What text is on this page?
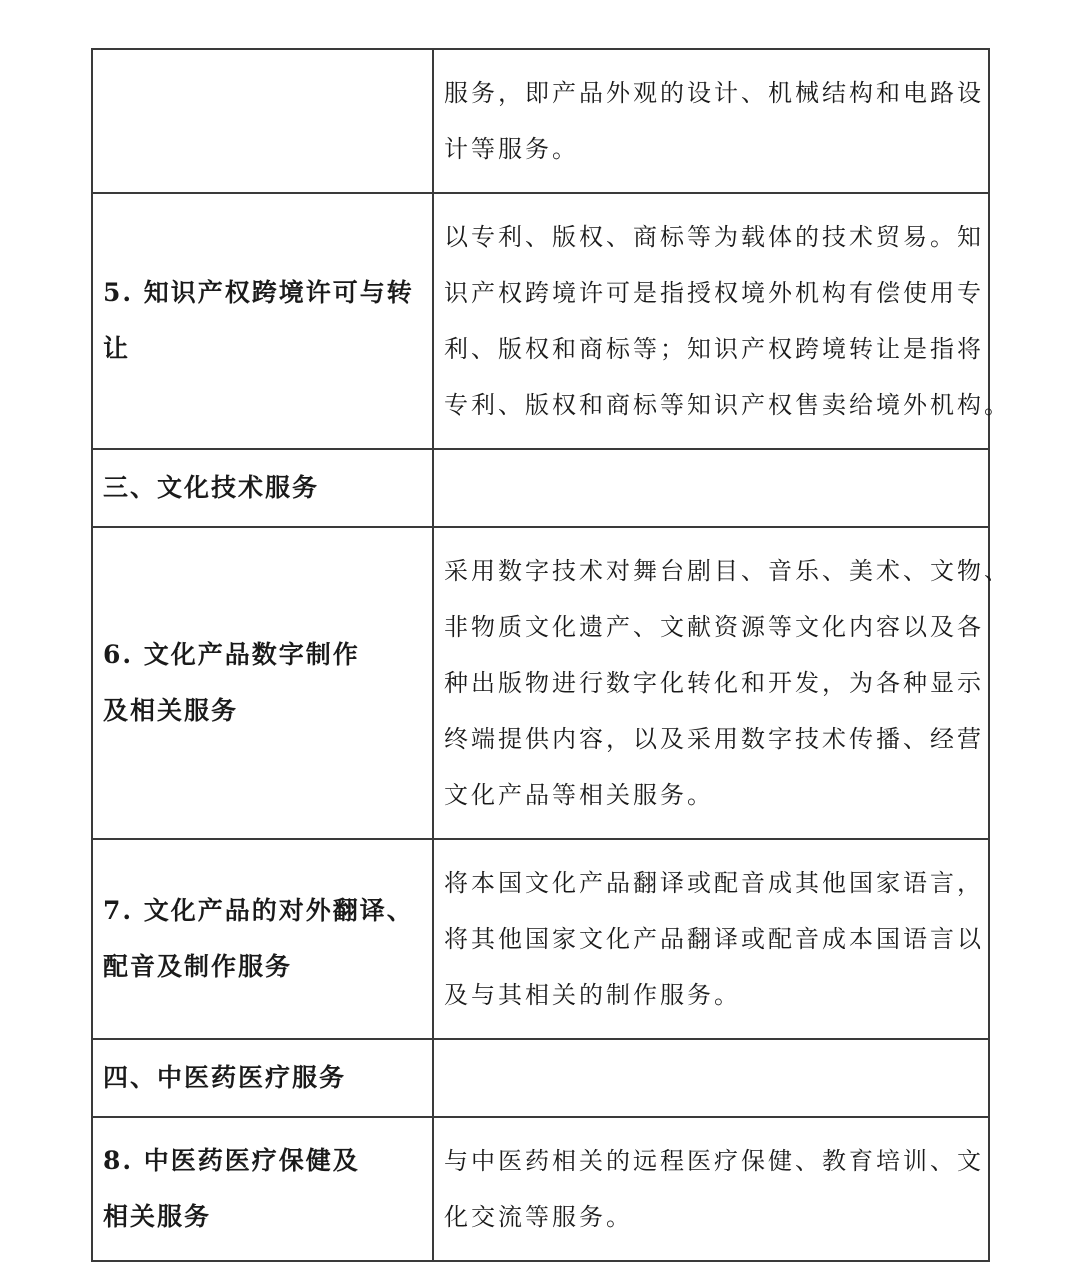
	服务，即产品外观的设计、机械结构和电路设
计等服务。

5. 知识产权跨境许可与转
让	以专利、版权、商标等为载体的技术贸易。知
识产权跨境许可是指授权境外机构有偿使用专
利、版权和商标等；知识产权跨境转让是指将
专利、版权和商标等知识产权售卖给境外机构。

三、文化技术服务	

6. 文化产品数字制作
及相关服务	采用数字技术对舞台剧目、音乐、美术、文物、
非物质文化遗产、文献资源等文化内容以及各
种出版物进行数字化转化和开发，为各种显示
终端提供内容，以及采用数字技术传播、经营
文化产品等相关服务。

7. 文化产品的对外翻译、
配音及制作服务	将本国文化产品翻译或配音成其他国家语言，
将其他国家文化产品翻译或配音成本国语言以
及与其相关的制作服务。

四、中医药医疗服务	

8. 中医药医疗保健及
相关服务	与中医药相关的远程医疗保健、教育培训、文
化交流等服务。
